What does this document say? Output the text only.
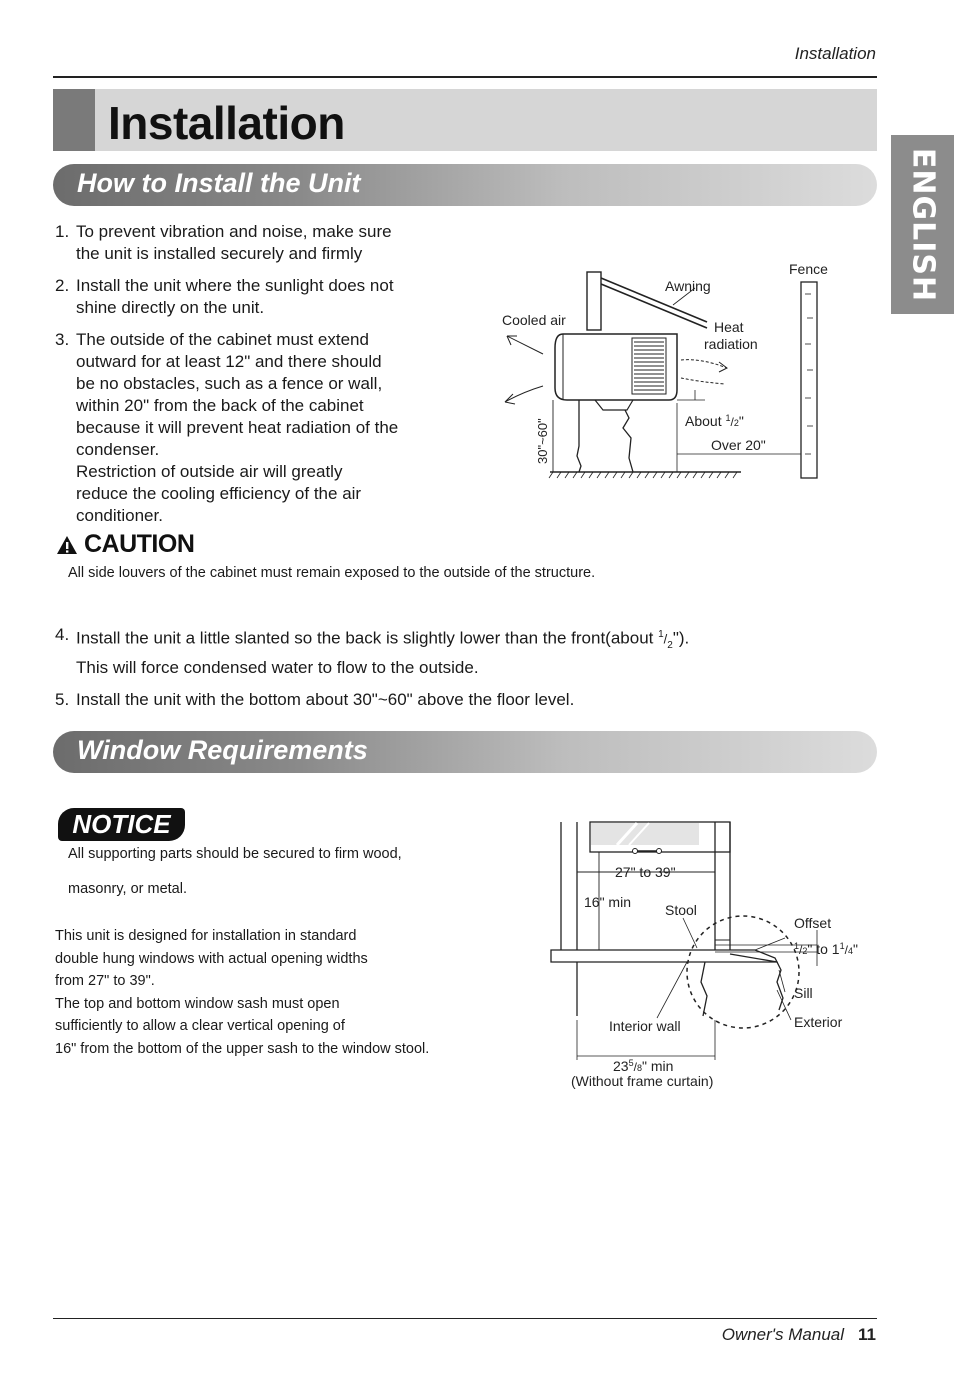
Installation
Installation
ENGLISH
How to Install the Unit
1. To prevent vibration and noise, make sure
the unit is installed securely and firmly
2. Install the unit where the sunlight does not
shine directly on the unit.
3. The outside of the cabinet must extend
outward for at least 12" and there should
be no obstacles, such as a fence or wall,
within 20" from the back of the cabinet
because it will prevent heat radiation of the
condenser.
Restriction of outside air will greatly
reduce the cooling efficiency of the air
conditioner.
Fence
Awning
Cooled air	Heat
radiation
About $^1$/2"
Over 20"
30"~60"
CAUTION
All side louvers of the cabinet must remain exposed to the outside of the structure.
4. Install the unit a little slanted so the back is slightly lower than the front(about $^1/_2$").
This will force condensed water to flow to the outside.
5. Install the unit with the bottom about 30"~60" above the floor level.
Window Requirements
NOTICE
All supporting parts should be secured to firm wood,
masonry, or metal.
This unit is designed for installation in standard
double hung windows with actual opening widths
from 27" to 39".
The top and bottom window sash must open
sufficiently to allow a clear vertical opening of
16" from the bottom of the upper sash to the window stool.
27" to 39"
16" min Stool
Offset
$^1$/2" to $1^1/4$"
Sill
Exterior
Interior wall
$23^5/8$" min
(Without frame curtain)
Owner's Manual 11
